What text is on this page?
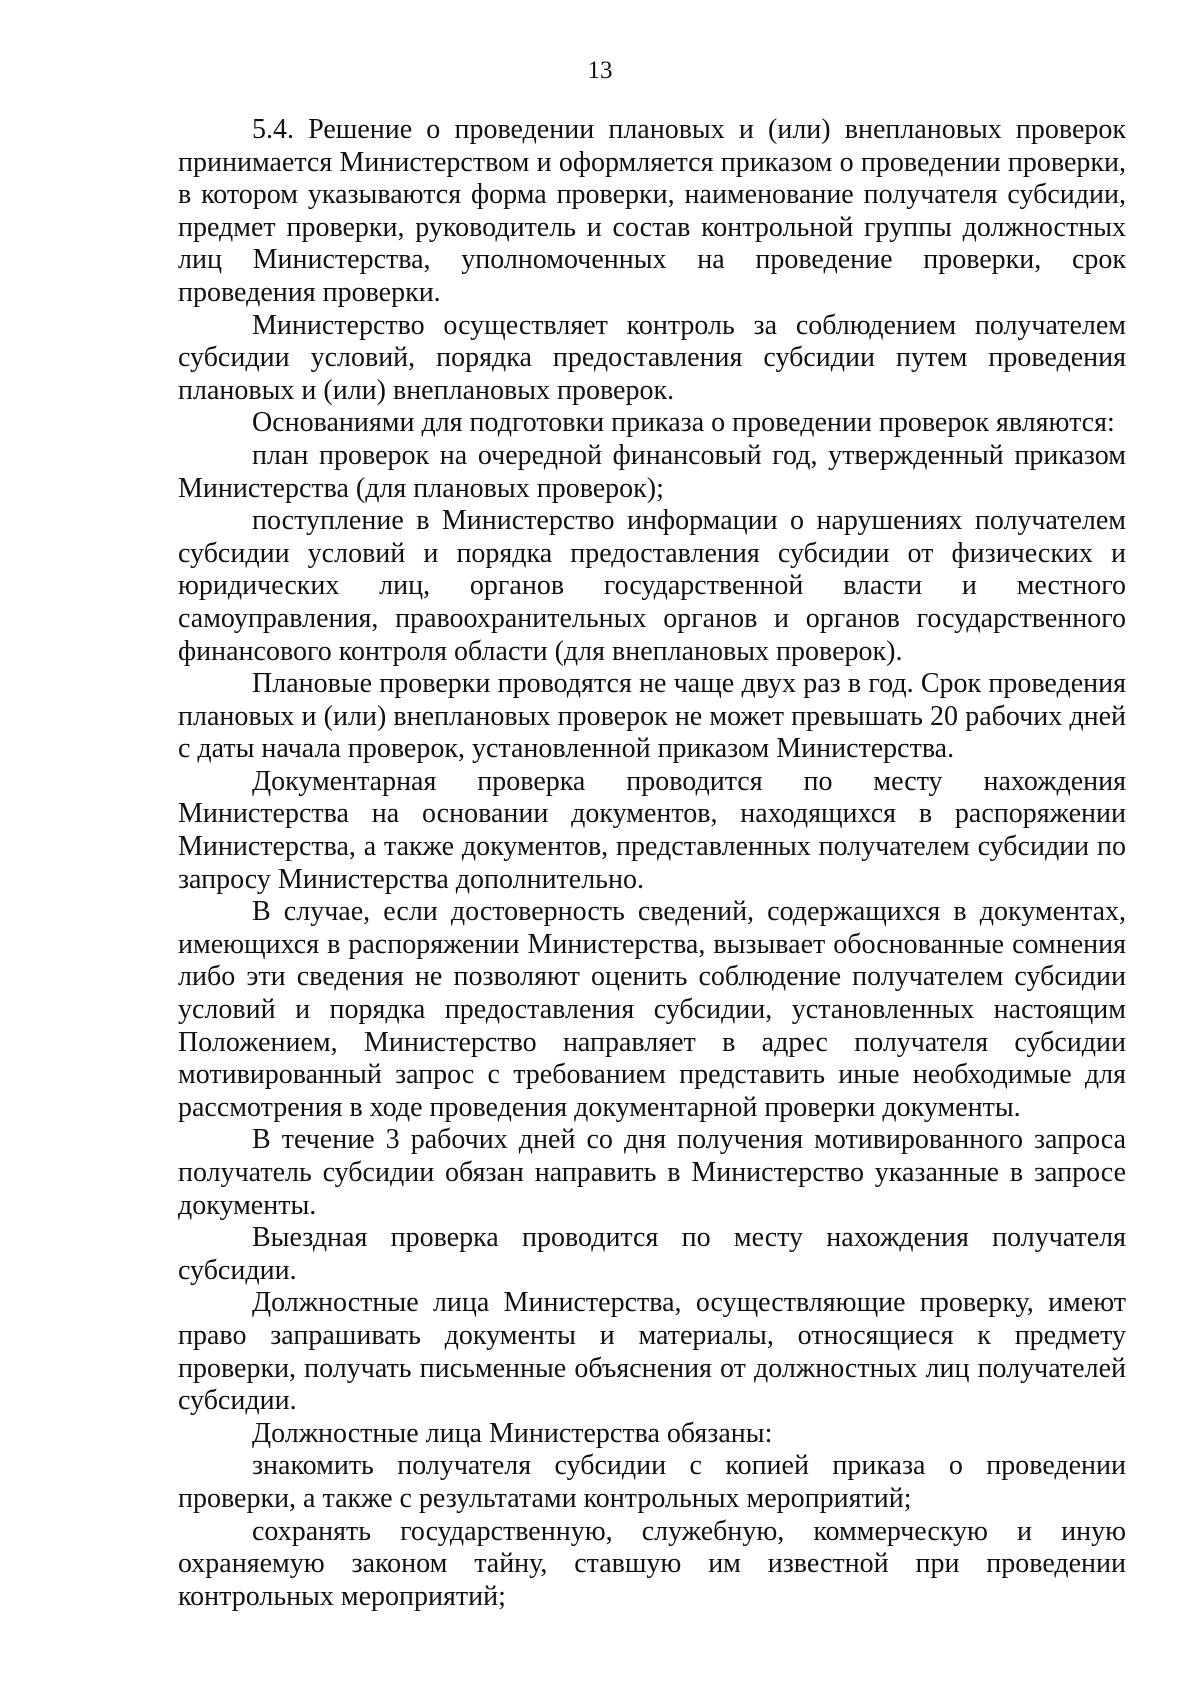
13

5.4. Решение о проведении плановых и (или) внеплановых проверок принимается Министерством и оформляется приказом о проведении проверки, в котором указываются форма проверки, наименование получателя субсидии, предмет проверки, руководитель и состав контрольной группы должностных лиц Министерства, уполномоченных на проведение проверки, срок проведения проверки.

Министерство осуществляет контроль за соблюдением получателем субсидии условий, порядка предоставления субсидии путем проведения плановых и (или) внеплановых проверок.

Основаниями для подготовки приказа о проведении проверок являются:

план проверок на очередной финансовый год, утвержденный приказом Министерства (для плановых проверок);

поступление в Министерство информации о нарушениях получателем субсидии условий и порядка предоставления субсидии от физических и юридических лиц, органов государственной власти и местного самоуправления, правоохранительных органов и органов государственного финансового контроля области (для внеплановых проверок).

Плановые проверки проводятся не чаще двух раз в год. Срок проведения плановых и (или) внеплановых проверок не может превышать 20 рабочих дней с даты начала проверок, установленной приказом Министерства.

Документарная проверка проводится по месту нахождения Министерства на основании документов, находящихся в распоряжении Министерства, а также документов, представленных получателем субсидии по запросу Министерства дополнительно.

В случае, если достоверность сведений, содержащихся в документах, имеющихся в распоряжении Министерства, вызывает обоснованные сомнения либо эти сведения не позволяют оценить соблюдение получателем субсидии условий и порядка предоставления субсидии, установленных настоящим Положением, Министерство направляет в адрес получателя субсидии мотивированный запрос с требованием представить иные необходимые для рассмотрения в ходе проведения документарной проверки документы.

В течение 3 рабочих дней со дня получения мотивированного запроса получатель субсидии обязан направить в Министерство указанные в запросе документы.

Выездная проверка проводится по месту нахождения получателя субсидии.

Должностные лица Министерства, осуществляющие проверку, имеют право запрашивать документы и материалы, относящиеся к предмету проверки, получать письменные объяснения от должностных лиц получателей субсидии.

Должностные лица Министерства обязаны:

знакомить получателя субсидии с копией приказа о проведении проверки, а также с результатами контрольных мероприятий;

сохранять государственную, служебную, коммерческую и иную охраняемую законом тайну, ставшую им известной при проведении контрольных мероприятий;
